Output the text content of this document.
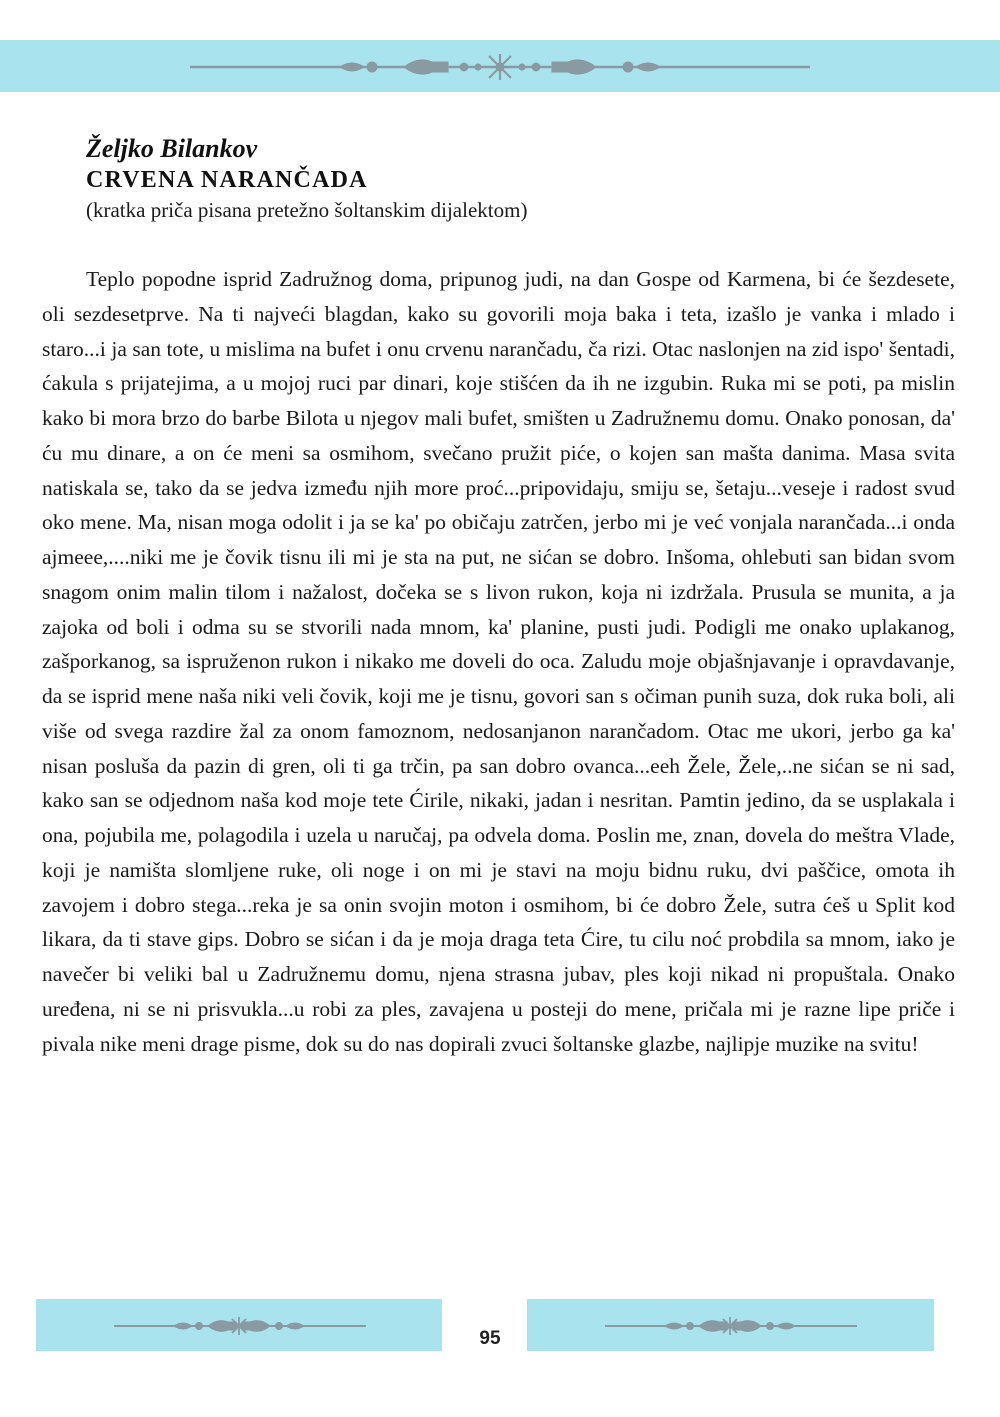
Željko Bilankov

CRVENA NARANČADA

(kratka priča pisana pretežno šoltanskim dijalektom)

Teplo popodne isprid Zadružnog doma, pripunog judi, na dan Gospe od Karmena, bi će šezdesete, oli sezdesetprve. Na ti najveći blagdan, kako su govorili moja baka i teta, izašlo je vanka i mlado i staro...i ja san tote, u mislima na bufet i onu crvenu narančadu, ča rizi. Otac naslonjen na zid ispo' šentadi, ćakula s prijatejima, a u mojoj ruci par dinari, koje stišćen da ih ne izgubin. Ruka mi se poti, pa mislin kako bi mora brzo do barbe Bilota u njegov mali bufet, smišten u Zadružnemu domu. Onako ponosan, da' ću mu dinare, a on će meni sa osmihom, svečano pružit piće, o kojen san mašta danima. Masa svita natiskala se, tako da se jedva između njih more proć...pripovidaju, smiju se, šetaju...veseje i radost svud oko mene. Ma, nisan moga odolit i ja se ka' po običaju zatrčen, jerbo mi je već vonjala narančada...i onda ajmeee,....niki me je čovik tisnu ili mi je sta na put, ne sićan se dobro. Inšoma, ohlebuti san bidan svom snagom onim malin tilom i nažalost, dočeka se s livon rukon, koja ni izdržala. Prusula se munita, a ja zajoka od boli i odma su se stvorili nada mnom, ka' planine, pusti judi. Podigli me onako uplakanog, zašporkanog, sa ispruženon rukon i nikako me doveli do oca. Zaludu moje objašnjavanje i opravdavanje, da se isprid mene naša niki veli čovik, koji me je tisnu, govori san s očiman punih suza, dok ruka boli, ali više od svega razdire žal za onom famoznom, nedosanjanon narančadom. Otac me ukori, jerbo ga ka' nisan posluša da pazin di gren, oli ti ga trčin, pa san dobro ovanca...eeh Žele, Žele,..ne sićan se ni sad, kako san se odjednom naša kod moje tete Ćirile, nikaki, jadan i nesritan. Pamtin jedino, da se usplakala i ona, pojubila me, polagodila i uzela u naručaj, pa odvela doma. Poslin me, znan, dovela do meštra Vlade, koji je namišta slomljene ruke, oli noge i on mi je stavi na moju bidnu ruku, dvi paščice, omota ih zavojem i dobro stega...reka je sa onin svojin moton i osmihom, bi će dobro Žele, sutra ćeš u Split kod likara, da ti stave gips. Dobro se sićan i da je moja draga teta Ćire, tu cilu noć probdila sa mnom, iako je navečer bi veliki bal u Zadružnemu domu, njena strasna jubav, ples koji nikad ni propuštala. Onako uređena, ni se ni prisvukla...u robi za ples, zavajena u posteji do mene, pričala mi je razne lipe priče i pivala nike meni drage pisme, dok su do nas dopirali zvuci šoltanske glazbe, najlipje muzike na svitu!

95
